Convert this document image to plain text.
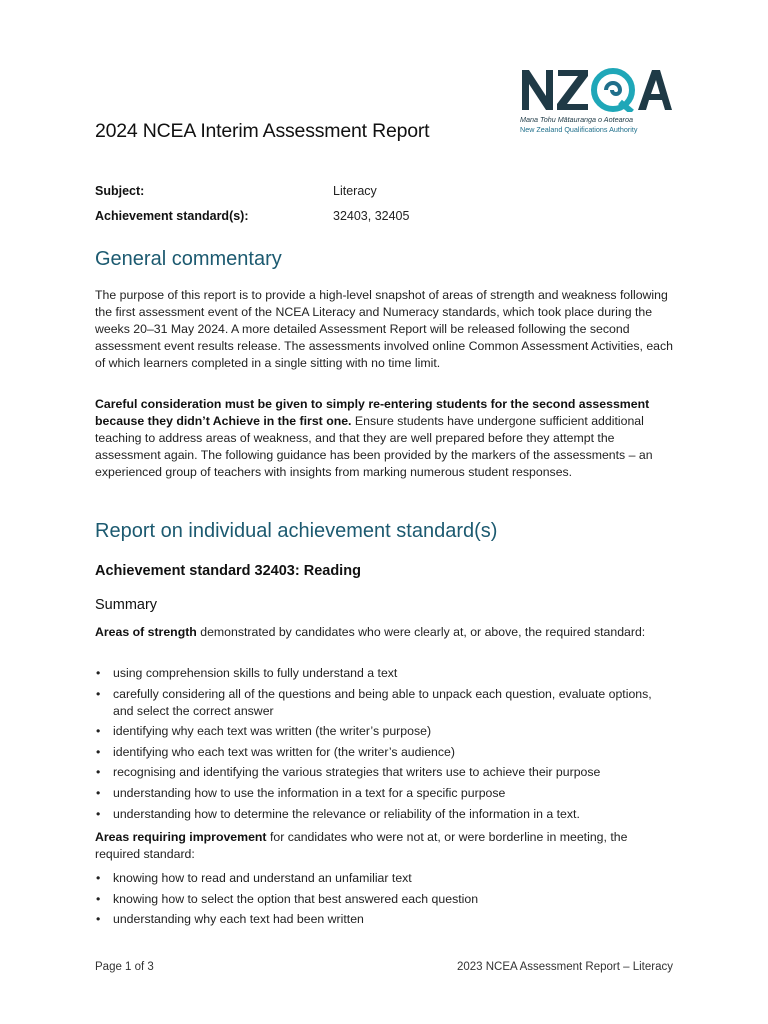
Mana Tohu Mātauranga o Aotearoa
New Zealand Qualifications Authority
2024 NCEA Interim Assessment Report
Subject:	Literacy
Achievement standard(s):	32403, 32405
General commentary

The purpose of this report is to provide a high-level snapshot of areas of strength and weakness following the first assessment event of the NCEA Literacy and Numeracy standards, which took place during the weeks 20–31 May 2024. A more detailed Assessment Report will be released following the second assessment event results release. The assessments involved online Common Assessment Activities, each of which learners completed in a single sitting with no time limit.

Careful consideration must be given to simply re-entering students for the second assessment because they didn’t Achieve in the first one. Ensure students have undergone sufficient additional teaching to address areas of weakness, and that they are well prepared before they attempt the assessment again. The following guidance has been provided by the markers of the assessments – an experienced group of teachers with insights from marking numerous student responses.

Report on individual achievement standard(s)
Achievement standard 32403: Reading
Summary

Areas of strength demonstrated by candidates who were clearly at, or above, the required standard:

• using comprehension skills to fully understand a text
• carefully considering all of the questions and being able to unpack each question, evaluate options, and select the correct answer
• identifying why each text was written (the writer’s purpose)
• identifying who each text was written for (the writer’s audience)
• recognising and identifying the various strategies that writers use to achieve their purpose
• understanding how to use the information in a text for a specific purpose
• understanding how to determine the relevance or reliability of the information in a text.

Areas requiring improvement for candidates who were not at, or were borderline in meeting, the required standard:

• knowing how to read and understand an unfamiliar text
• knowing how to select the option that best answered each question
• understanding why each text had been written
Page 1 of 3	2023 NCEA Assessment Report – Literacy
